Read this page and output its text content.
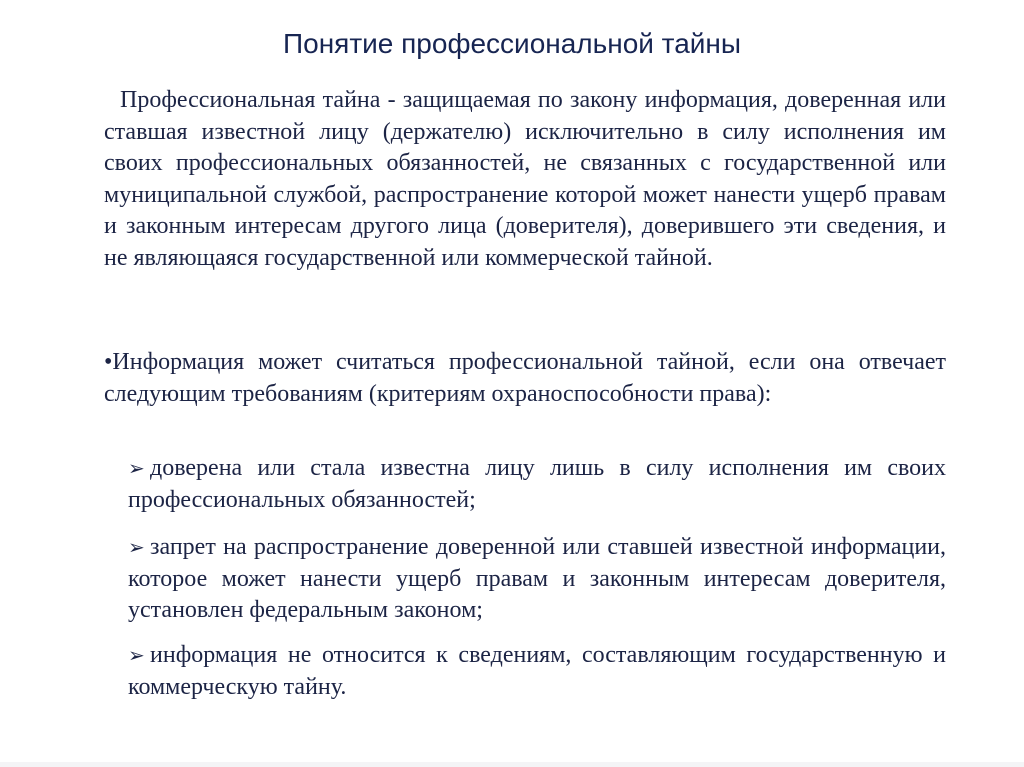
Понятие профессиональной тайны

Профессиональная тайна - защищаемая по закону информация, доверенная или ставшая известной лицу (держателю) исключительно в силу исполнения им своих профессиональных обязанностей, не связанных с государственной или муниципальной службой, распространение которой может нанести ущерб правам и законным интересам другого лица (доверителя), доверившего эти сведения, и не являющаяся государственной или коммерческой тайной.

•Информация может считаться профессиональной тайной, если она отвечает следующим требованиям (критериям охраноспособности права):

➢ доверена или стала известна лицу лишь в силу исполнения им своих профессиональных обязанностей;

➢ запрет на распространение доверенной или ставшей известной информации, которое может нанести ущерб правам и законным интересам доверителя, установлен федеральным законом;

➢ информация не относится к сведениям, составляющим государственную и коммерческую тайну.
